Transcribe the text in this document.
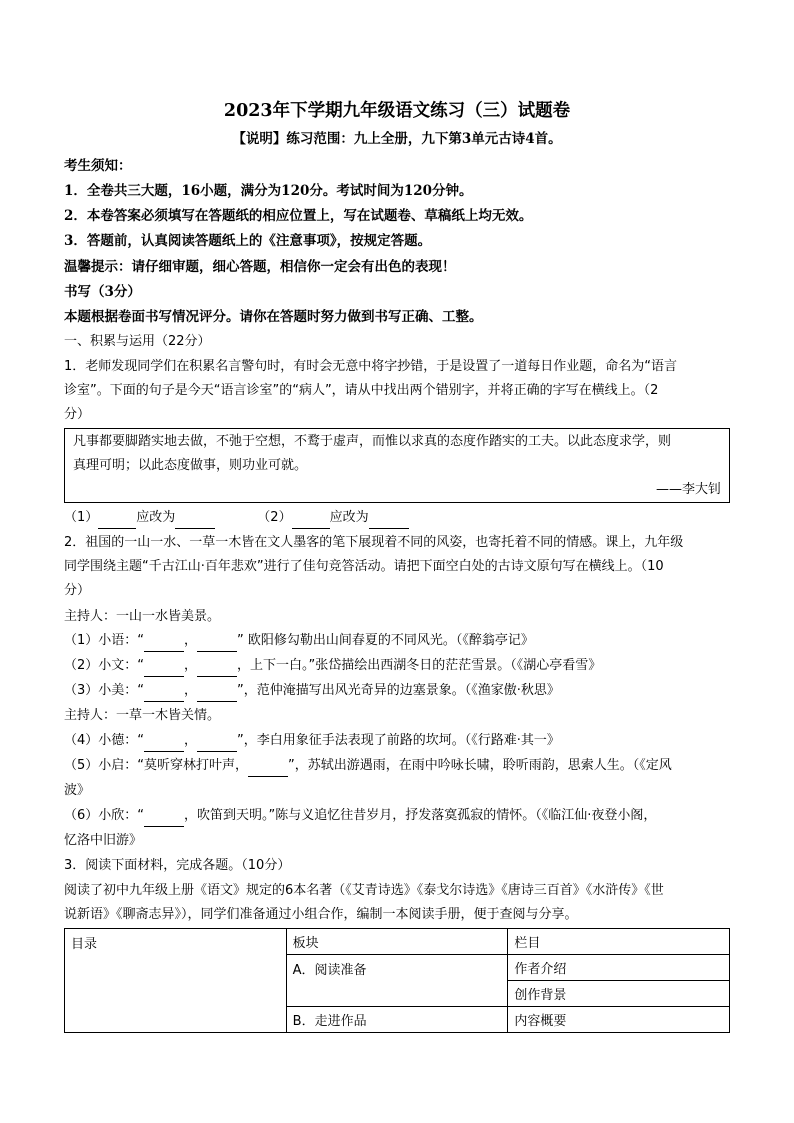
2023年下学期九年级语文练习（三）试题卷
【说明】练习范围：九上全册，九下第3单元古诗4首。
考生须知：
1．全卷共三大题，16小题，满分为120分。考试时间为120分钟。
2．本卷答案必须填写在答题纸的相应位置上，写在试题卷、草稿纸上均无效。
3．答题前，认真阅读答题纸上的《注意事项》，按规定答题。
温馨提示：请仔细审题，细心答题，相信你一定会有出色的表现！
书写（3分）
本题根据卷面书写情况评分。请你在答题时努力做到书写正确、工整。
一、积累与运用（22分）
1．老师发现同学们在积累名言警句时，有时会无意中将字抄错，于是设置了一道每日作业题，命名为“语言
诊室”。下面的句子是今天“语言诊室”的“病人”，请从中找出两个错别字，并将正确的字写在横线上。（2
分）
凡事都要脚踏实地去做，不弛于空想，不鹜于虚声，而惟以求真的态度作踏实的工夫。以此态度求学，则
真理可明；以此态度做事，则功业可就。
——李大钊
（1）	应改为	（2）	应改为
2．祖国的一山一水、一草一木皆在文人墨客的笔下展现着不同的风姿，也寄托着不同的情感。课上，九年级
同学围绕主题“千古江山·百年悲欢”进行了佳句竞答活动。请把下面空白处的古诗文原句写在横线上。（10
分）
主持人：一山一水皆美景。
（1）小语：“	，	” 欧阳修勾勒出山间春夏的不同风光。（《醉翁亭记》
（2）小文：“	，	，上下一白。”张岱描绘出西湖冬日的茫茫雪景。（《湖心亭看雪》
（3）小美：“	，	”，范仲淹描写出风光奇异的边塞景象。（《渔家傲·秋思》
主持人：一草一木皆关情。
（4）小德：“	，	”，李白用象征手法表现了前路的坎坷。（《行路难·其一》
（5）小启：“莫听穿林打叶声，	”，苏轼出游遇雨，在雨中吟咏长啸，聆听雨韵，思索人生。（《定风
波》
（6）小欣：“	，吹笛到天明。”陈与义追忆往昔岁月，抒发落寞孤寂的情怀。（《临江仙·夜登小阁，
忆洛中旧游》
3．阅读下面材料，完成各题。（10分）
阅读了初中九年级上册《语文》规定的6本名著（《艾青诗选》《泰戈尔诗选》《唐诗三百首》《水浒传》《世
说新语》《聊斋志异》），同学们准备通过小组合作，编制一本阅读手册，便于查阅与分享。
目录	板块	栏目
	A．阅读准备	作者介绍
		创作背景
	B．走进作品	内容概要
